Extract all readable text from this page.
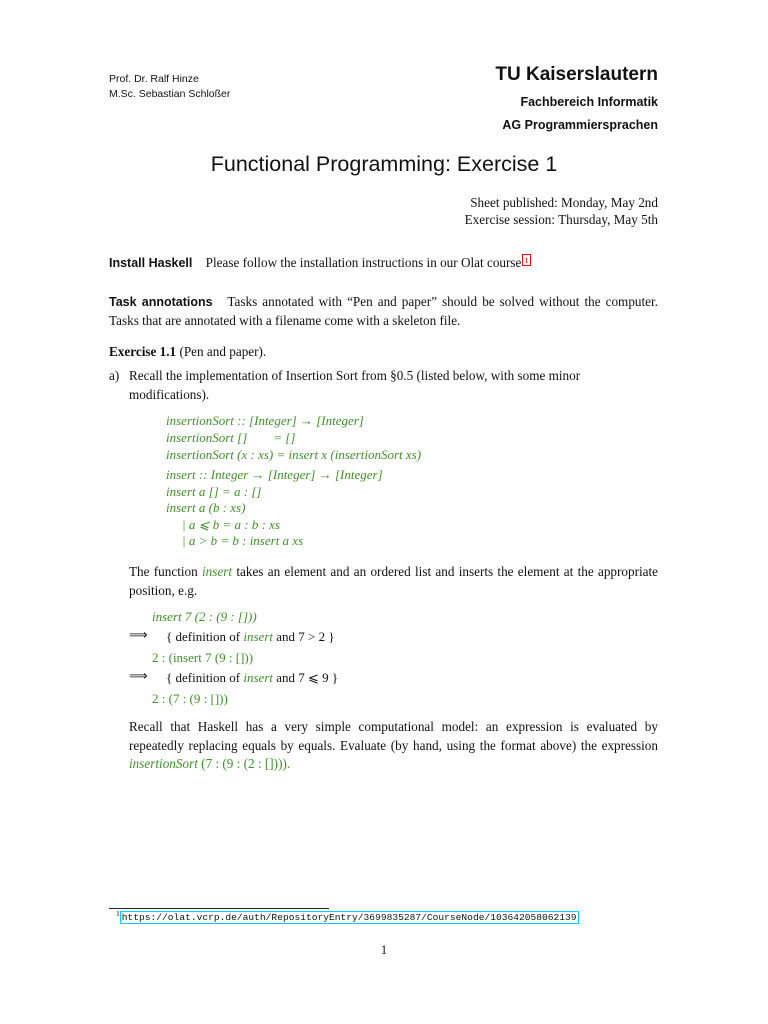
Prof. Dr. Ralf Hinze
M.Sc. Sebastian Schloßer
TU Kaiserslautern
Fachbereich Informatik
AG Programmiersprachen
Functional Programming: Exercise 1
Sheet published: Monday, May 2nd
Exercise session: Thursday, May 5th
Install Haskell Please follow the installation instructions in our Olat course $^1$
Task annotations Tasks annotated with “Pen and paper” should be solved without the computer. Tasks that are annotated with a filename come with a skeleton file.
Exercise 1.1 (Pen and paper).
a) Recall the implementation of Insertion Sort from §0.5 (listed below, with some minor modifications).
insertionSort :: [Integer] → [Integer]
insertionSort []        = []
insertionSort (x : xs) = insert x (insertionSort xs)
insert :: Integer → [Integer] → [Integer]
insert a [] = a : []
insert a (b : xs)
| a ⩽ b = a : b : xs
| a > b = b : insert a xs
The function insert takes an element and an ordered list and inserts the element at the appropriate position, e.g.
insert 7 (2 : (9 : []))
⟹ { definition of insert and 7 > 2 }
2 : (insert 7 (9 : []))
⟹ { definition of insert and 7 ⩽ 9 }
2 : (7 : (9 : []))
Recall that Haskell has a very simple computational model: an expression is evaluated by repeatedly replacing equals by equals. Evaluate (by hand, using the format above) the expression insertionSort (7 : (9 : (2 : []))).
$^1$ https://olat.vcrp.de/auth/RepositoryEntry/3699835287/CourseNode/103642058062139
1
